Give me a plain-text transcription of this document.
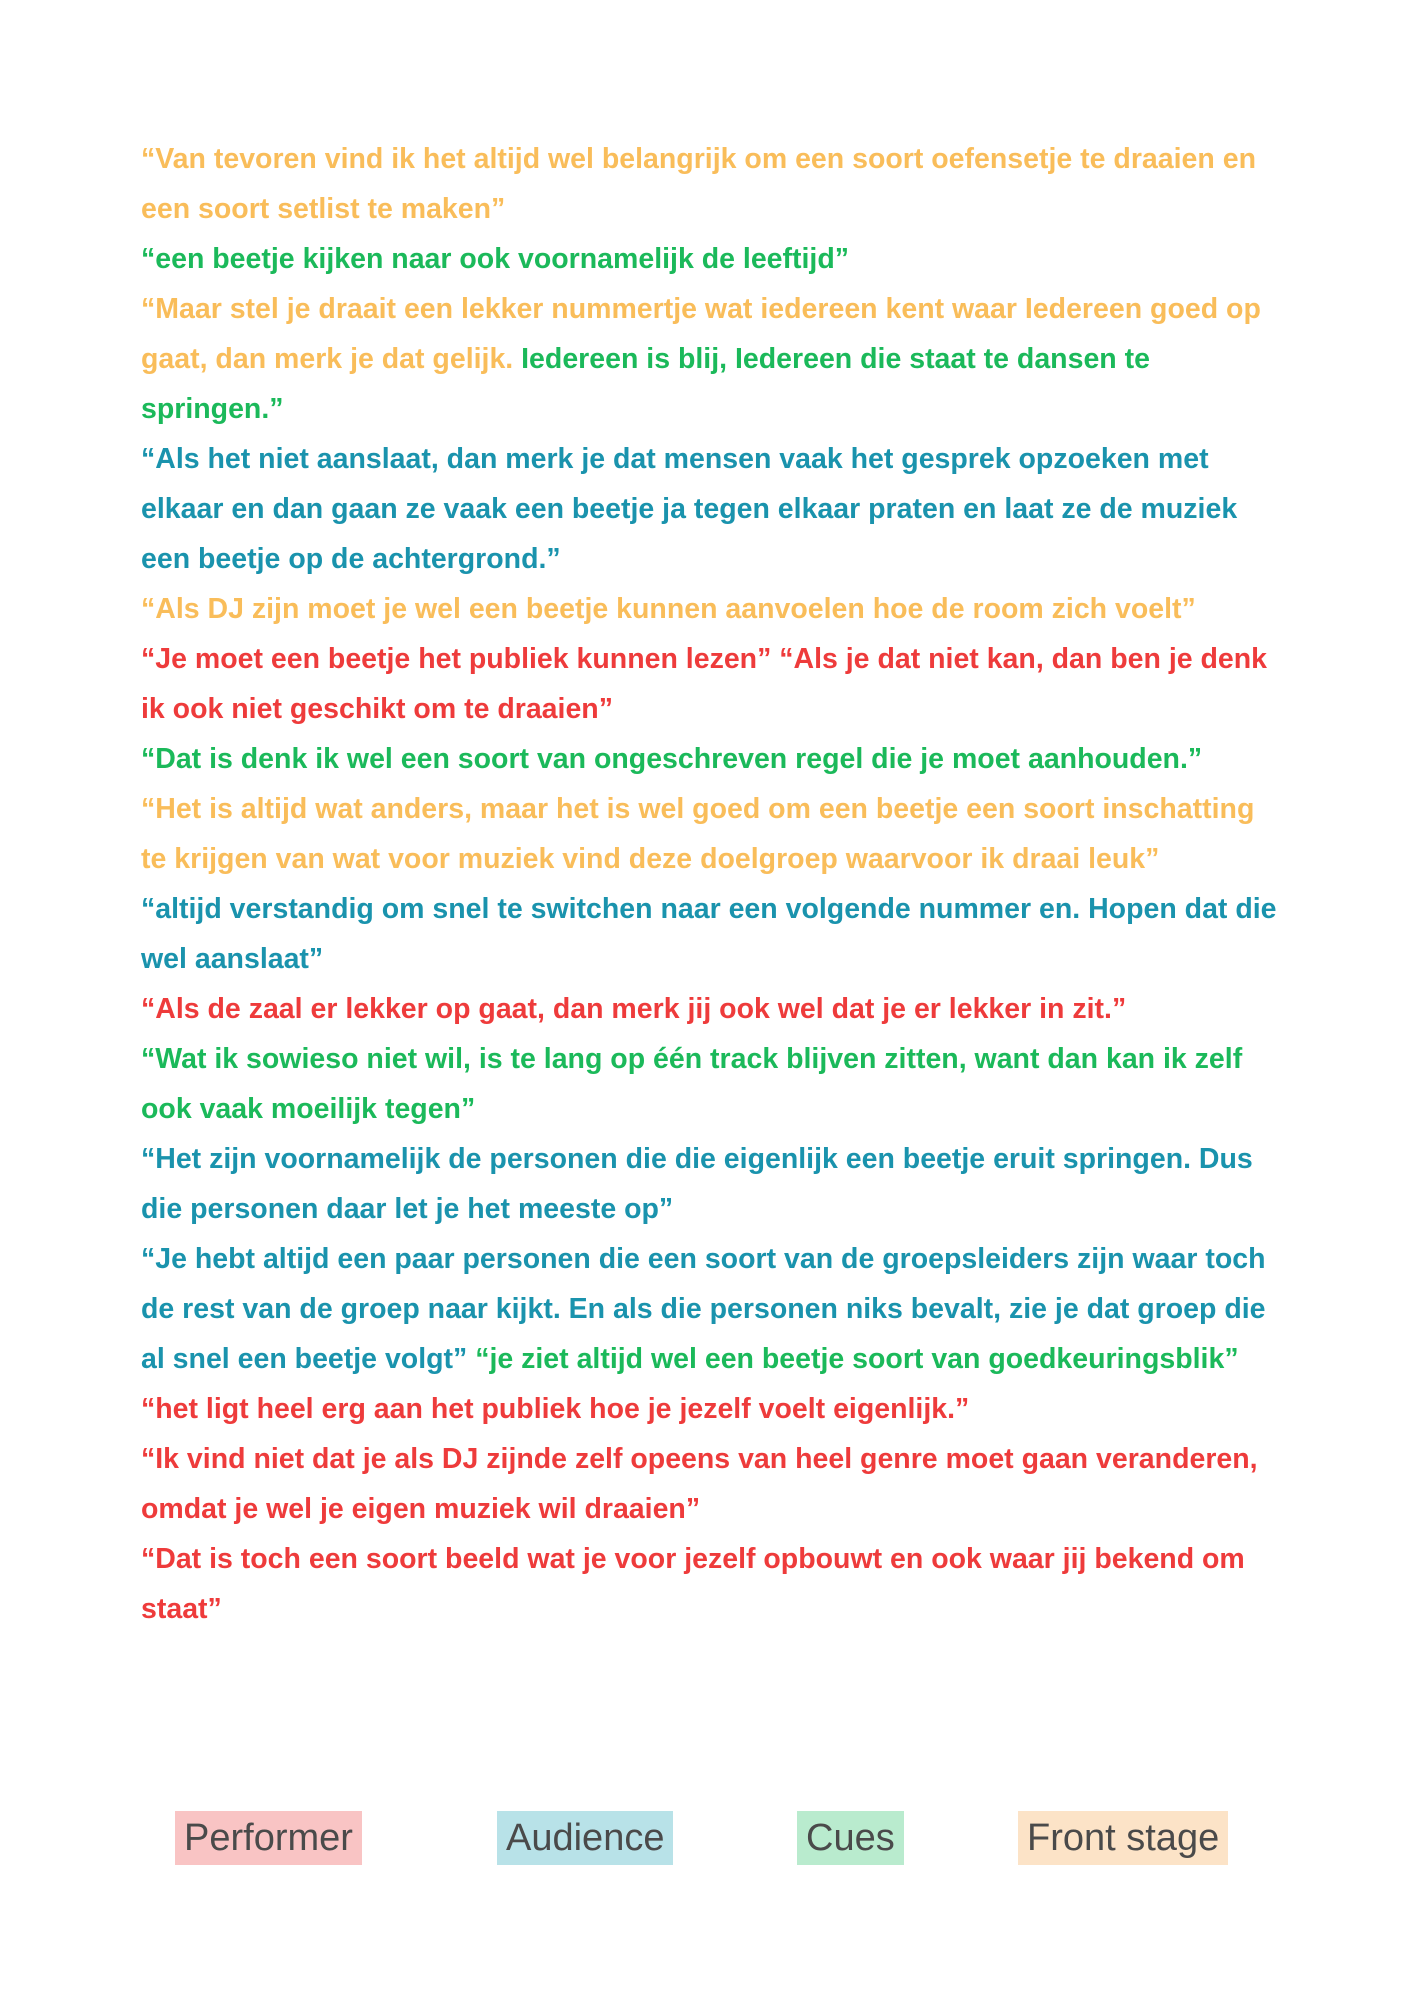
“Van tevoren vind ik het altijd wel belangrijk om een soort oefensetje te draaien en een soort setlist te maken”

“een beetje kijken naar ook voornamelijk de leeftijd”

“Maar stel je draait een lekker nummertje wat iedereen kent waar Iedereen goed op gaat, dan merk je dat gelijk. Iedereen is blij, Iedereen die staat te dansen te springen.”

“Als het niet aanslaat, dan merk je dat mensen vaak het gesprek opzoeken met elkaar en dan gaan ze vaak een beetje ja tegen elkaar praten en laat ze de muziek een beetje op de achtergrond.”

“Als DJ zijn moet je wel een beetje kunnen aanvoelen hoe de room zich voelt”

“Je moet een beetje het publiek kunnen lezen” “Als je dat niet kan, dan ben je denk ik ook niet geschikt om te draaien”

“Dat is denk ik wel een soort van ongeschreven regel die je moet aanhouden.”

“Het is altijd wat anders, maar het is wel goed om een beetje een soort inschatting te krijgen van wat voor muziek vind deze doelgroep waarvoor ik draai leuk”

“altijd verstandig om snel te switchen naar een volgende nummer en. Hopen dat die wel aanslaat”

“Als de zaal er lekker op gaat, dan merk jij ook wel dat je er lekker in zit.”

“Wat ik sowieso niet wil, is te lang op één track blijven zitten, want dan kan ik zelf ook vaak moeilijk tegen”

“Het zijn voornamelijk de personen die die eigenlijk een beetje eruit springen. Dus die personen daar let je het meeste op”

“Je hebt altijd een paar personen die een soort van de groepsleiders zijn waar toch de rest van de groep naar kijkt. En als die personen niks bevalt, zie je dat groep die al snel een beetje volgt” “je ziet altijd wel een beetje soort van goedkeuringsblik”

“het ligt heel erg aan het publiek hoe je jezelf voelt eigenlijk.”

“Ik vind niet dat je als DJ zijnde zelf opeens van heel genre moet gaan veranderen, omdat je wel je eigen muziek wil draaien”

“Dat is toch een soort beeld wat je voor jezelf opbouwt en ook waar jij bekend om staat”

Performer	Audience	Cues	Front stage
